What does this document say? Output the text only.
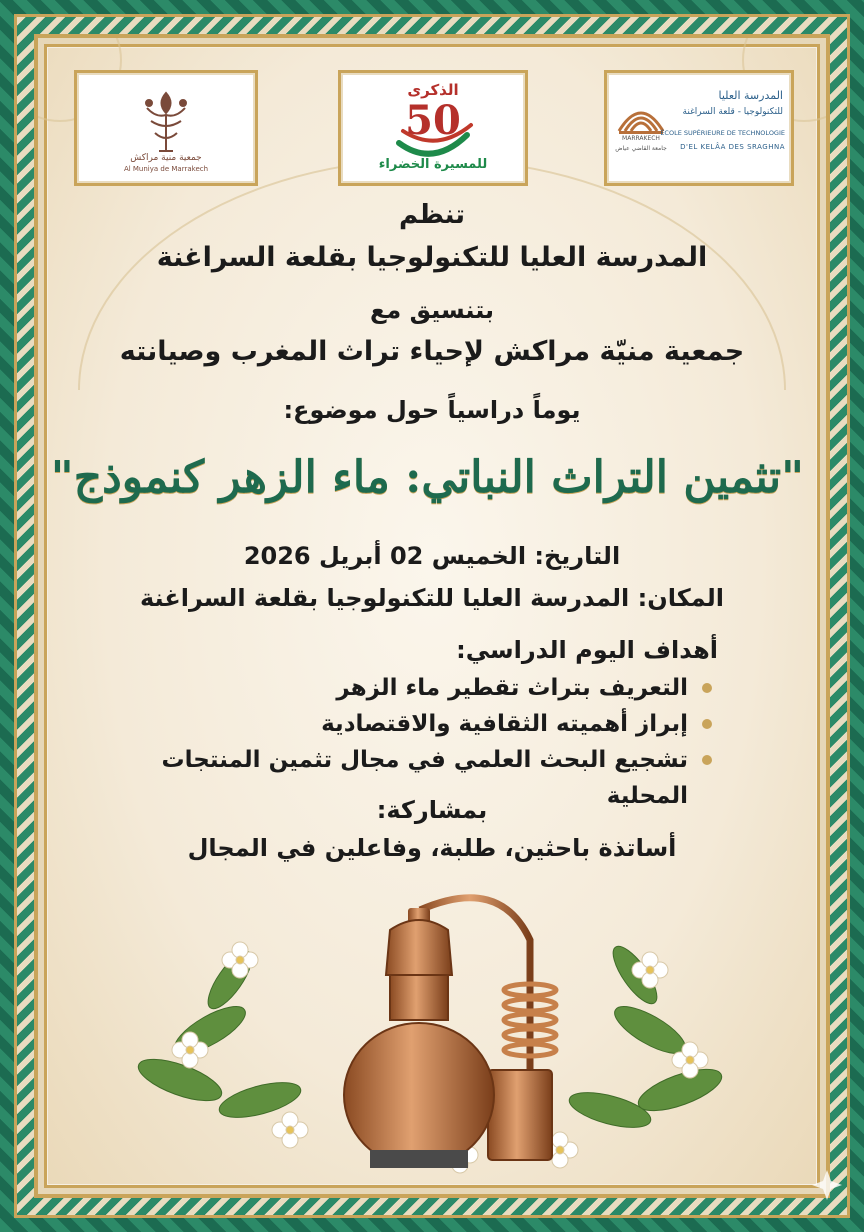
جمعية منية مراكش
Al Muniya de Marrakech
الذكرى
50
للمسيرة الخضراء
MARRAKECH
جامعة القاضي عياض
المدرسة العليا
للتكنولوجيا - قلعة السراغنة
ÉCOLE SUPÉRIEURE DE TECHNOLOGIE
D'EL KELÂA DES SRAGHNA
تنظم
المدرسة العليا للتكنولوجيا بقلعة السراغنة
بتنسيق مع
جمعية منيّة مراكش لإحياء تراث المغرب وصيانته
يوماً دراسياً حول موضوع:
"تثمين التراث النباتي: ماء الزهر كنموذج"
التاريخ: الخميس 02 أبريل 2026
المكان: المدرسة العليا للتكنولوجيا بقلعة السراغنة
أهداف اليوم الدراسي:
التعريف بتراث تقطير ماء الزهر
إبراز أهميته الثقافية والاقتصادية
تشجيع البحث العلمي في مجال تثمين المنتجات المحلية
بمشاركة:
أساتذة باحثين، طلبة، وفاعلين في المجال
